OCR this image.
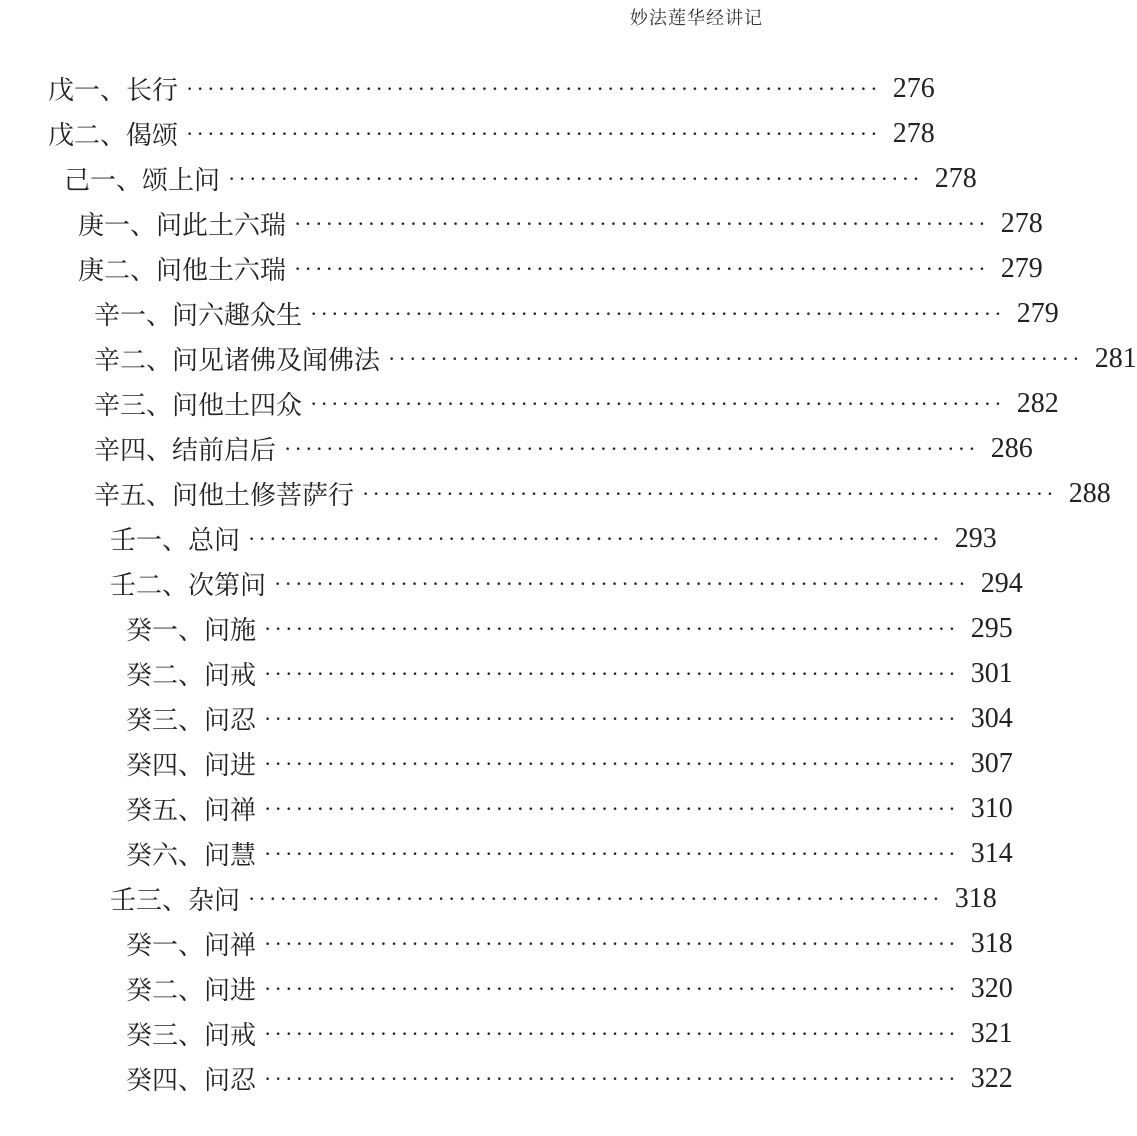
妙法莲华经讲记
戊一、长行 ·································································· 276
戊二、偈颂 ·································································· 278
己一、颂上问 ·································································· 278
庚一、问此土六瑞 ·································································· 278
庚二、问他土六瑞 ·································································· 279
辛一、问六趣众生 ·································································· 279
辛二、问见诸佛及闻佛法 ·································································· 281
辛三、问他土四众 ·································································· 282
辛四、结前启后 ·································································· 286
辛五、问他土修菩萨行 ·································································· 288
壬一、总问 ·································································· 293
壬二、次第问 ·································································· 294
癸一、问施 ·································································· 295
癸二、问戒 ·································································· 301
癸三、问忍 ·································································· 304
癸四、问进 ·································································· 307
癸五、问禅 ·································································· 310
癸六、问慧 ·································································· 314
壬三、杂问 ·································································· 318
癸一、问禅 ·································································· 318
癸二、问进 ·································································· 320
癸三、问戒 ·································································· 321
癸四、问忍 ·································································· 322
